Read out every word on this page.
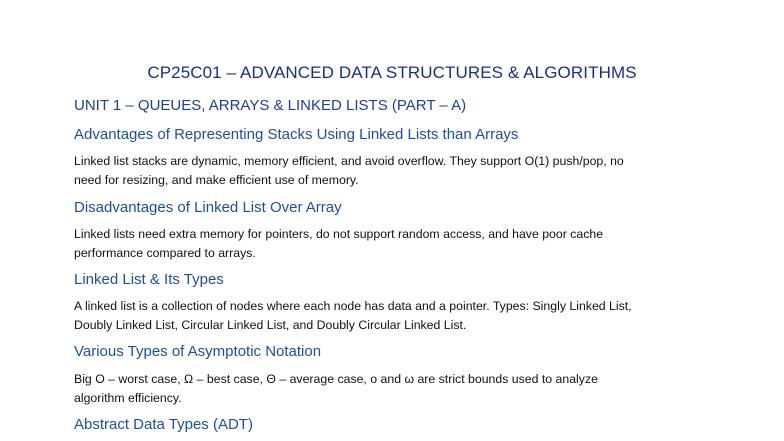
CP25C01 – ADVANCED DATA STRUCTURES & ALGORITHMS
UNIT 1 – QUEUES, ARRAYS & LINKED LISTS (PART – A)
Advantages of Representing Stacks Using Linked Lists than Arrays
Linked list stacks are dynamic, memory efficient, and avoid overflow. They support O(1) push/pop, no
need for resizing, and make efficient use of memory.
Disadvantages of Linked List Over Array
Linked lists need extra memory for pointers, do not support random access, and have poor cache
performance compared to arrays.
Linked List & Its Types
A linked list is a collection of nodes where each node has data and a pointer. Types: Singly Linked List,
Doubly Linked List, Circular Linked List, and Doubly Circular Linked List.
Various Types of Asymptotic Notation
Big O – worst case, Ω – best case, Θ – average case, o and ω are strict bounds used to analyze
algorithm efficiency.
Abstract Data Types (ADT)
